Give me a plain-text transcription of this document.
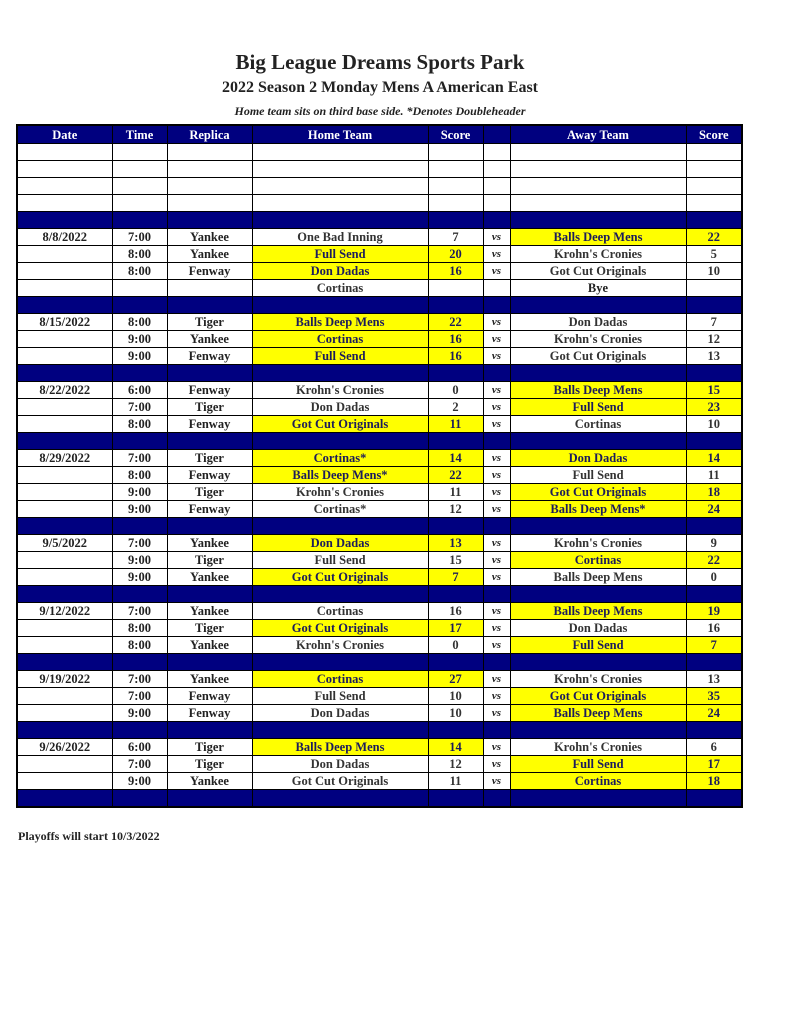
Big League Dreams Sports Park
2022 Season 2 Monday Mens A American East
Home team sits on third base side. *Denotes Doubleheader
Date	Time	Replica	Home Team	Score		Away Team	Score

8/8/2022	7:00	Yankee	One Bad Inning	7	vs	Balls Deep Mens	22
	8:00	Yankee	Full Send	20	vs	Krohn's Cronies	5
	8:00	Fenway	Don Dadas	16	vs	Got Cut Originals	10
			Cortinas			Bye	

8/15/2022	8:00	Tiger	Balls Deep Mens	22	vs	Don Dadas	7
	9:00	Yankee	Cortinas	16	vs	Krohn's Cronies	12
	9:00	Fenway	Full Send	16	vs	Got Cut Originals	13

8/22/2022	6:00	Fenway	Krohn's Cronies	0	vs	Balls Deep Mens	15
	7:00	Tiger	Don Dadas	2	vs	Full Send	23
	8:00	Fenway	Got Cut Originals	11	vs	Cortinas	10

8/29/2022	7:00	Tiger	Cortinas*	14	vs	Don Dadas	14
	8:00	Fenway	Balls Deep Mens*	22	vs	Full Send	11
	9:00	Tiger	Krohn's Cronies	11	vs	Got Cut Originals	18
	9:00	Fenway	Cortinas*	12	vs	Balls Deep Mens*	24

9/5/2022	7:00	Yankee	Don Dadas	13	vs	Krohn's Cronies	9
	9:00	Tiger	Full Send	15	vs	Cortinas	22
	9:00	Yankee	Got Cut Originals	7	vs	Balls Deep Mens	0

9/12/2022	7:00	Yankee	Cortinas	16	vs	Balls Deep Mens	19
	8:00	Tiger	Got Cut Originals	17	vs	Don Dadas	16
	8:00	Yankee	Krohn's Cronies	0	vs	Full Send	7

9/19/2022	7:00	Yankee	Cortinas	27	vs	Krohn's Cronies	13
	7:00	Fenway	Full Send	10	vs	Got Cut Originals	35
	9:00	Fenway	Don Dadas	10	vs	Balls Deep Mens	24

9/26/2022	6:00	Tiger	Balls Deep Mens	14	vs	Krohn's Cronies	6
	7:00	Tiger	Don Dadas	12	vs	Full Send	17
	9:00	Yankee	Got Cut Originals	11	vs	Cortinas	18

Playoffs will start 10/3/2022
